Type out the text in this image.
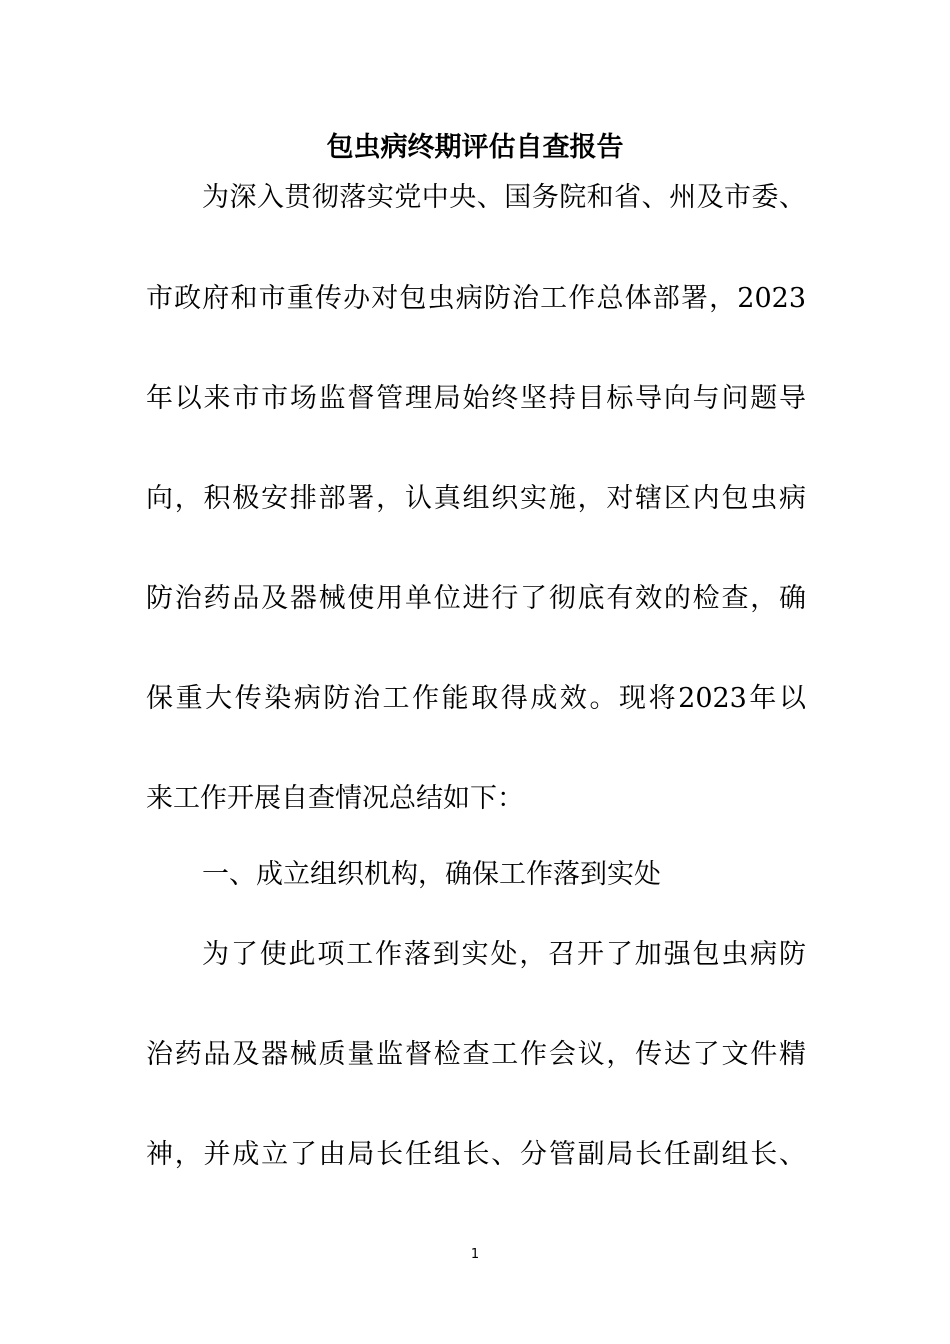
包虫病终期评估自查报告
为深入贯彻落实党中央、国务院和省、州及市委、
市政府和市重传办对包虫病防治工作总体部署，2023
年以来市市场监督管理局始终坚持目标导向与问题导
向，积极安排部署，认真组织实施，对辖区内包虫病
防治药品及器械使用单位进行了彻底有效的检查，确
保重大传染病防治工作能取得成效。现将2023年以
来工作开展自查情况总结如下：
一、成立组织机构，确保工作落到实处
为了使此项工作落到实处，召开了加强包虫病防
治药品及器械质量监督检查工作会议，传达了文件精
神，并成立了由局长任组长、分管副局长任副组长、
1
